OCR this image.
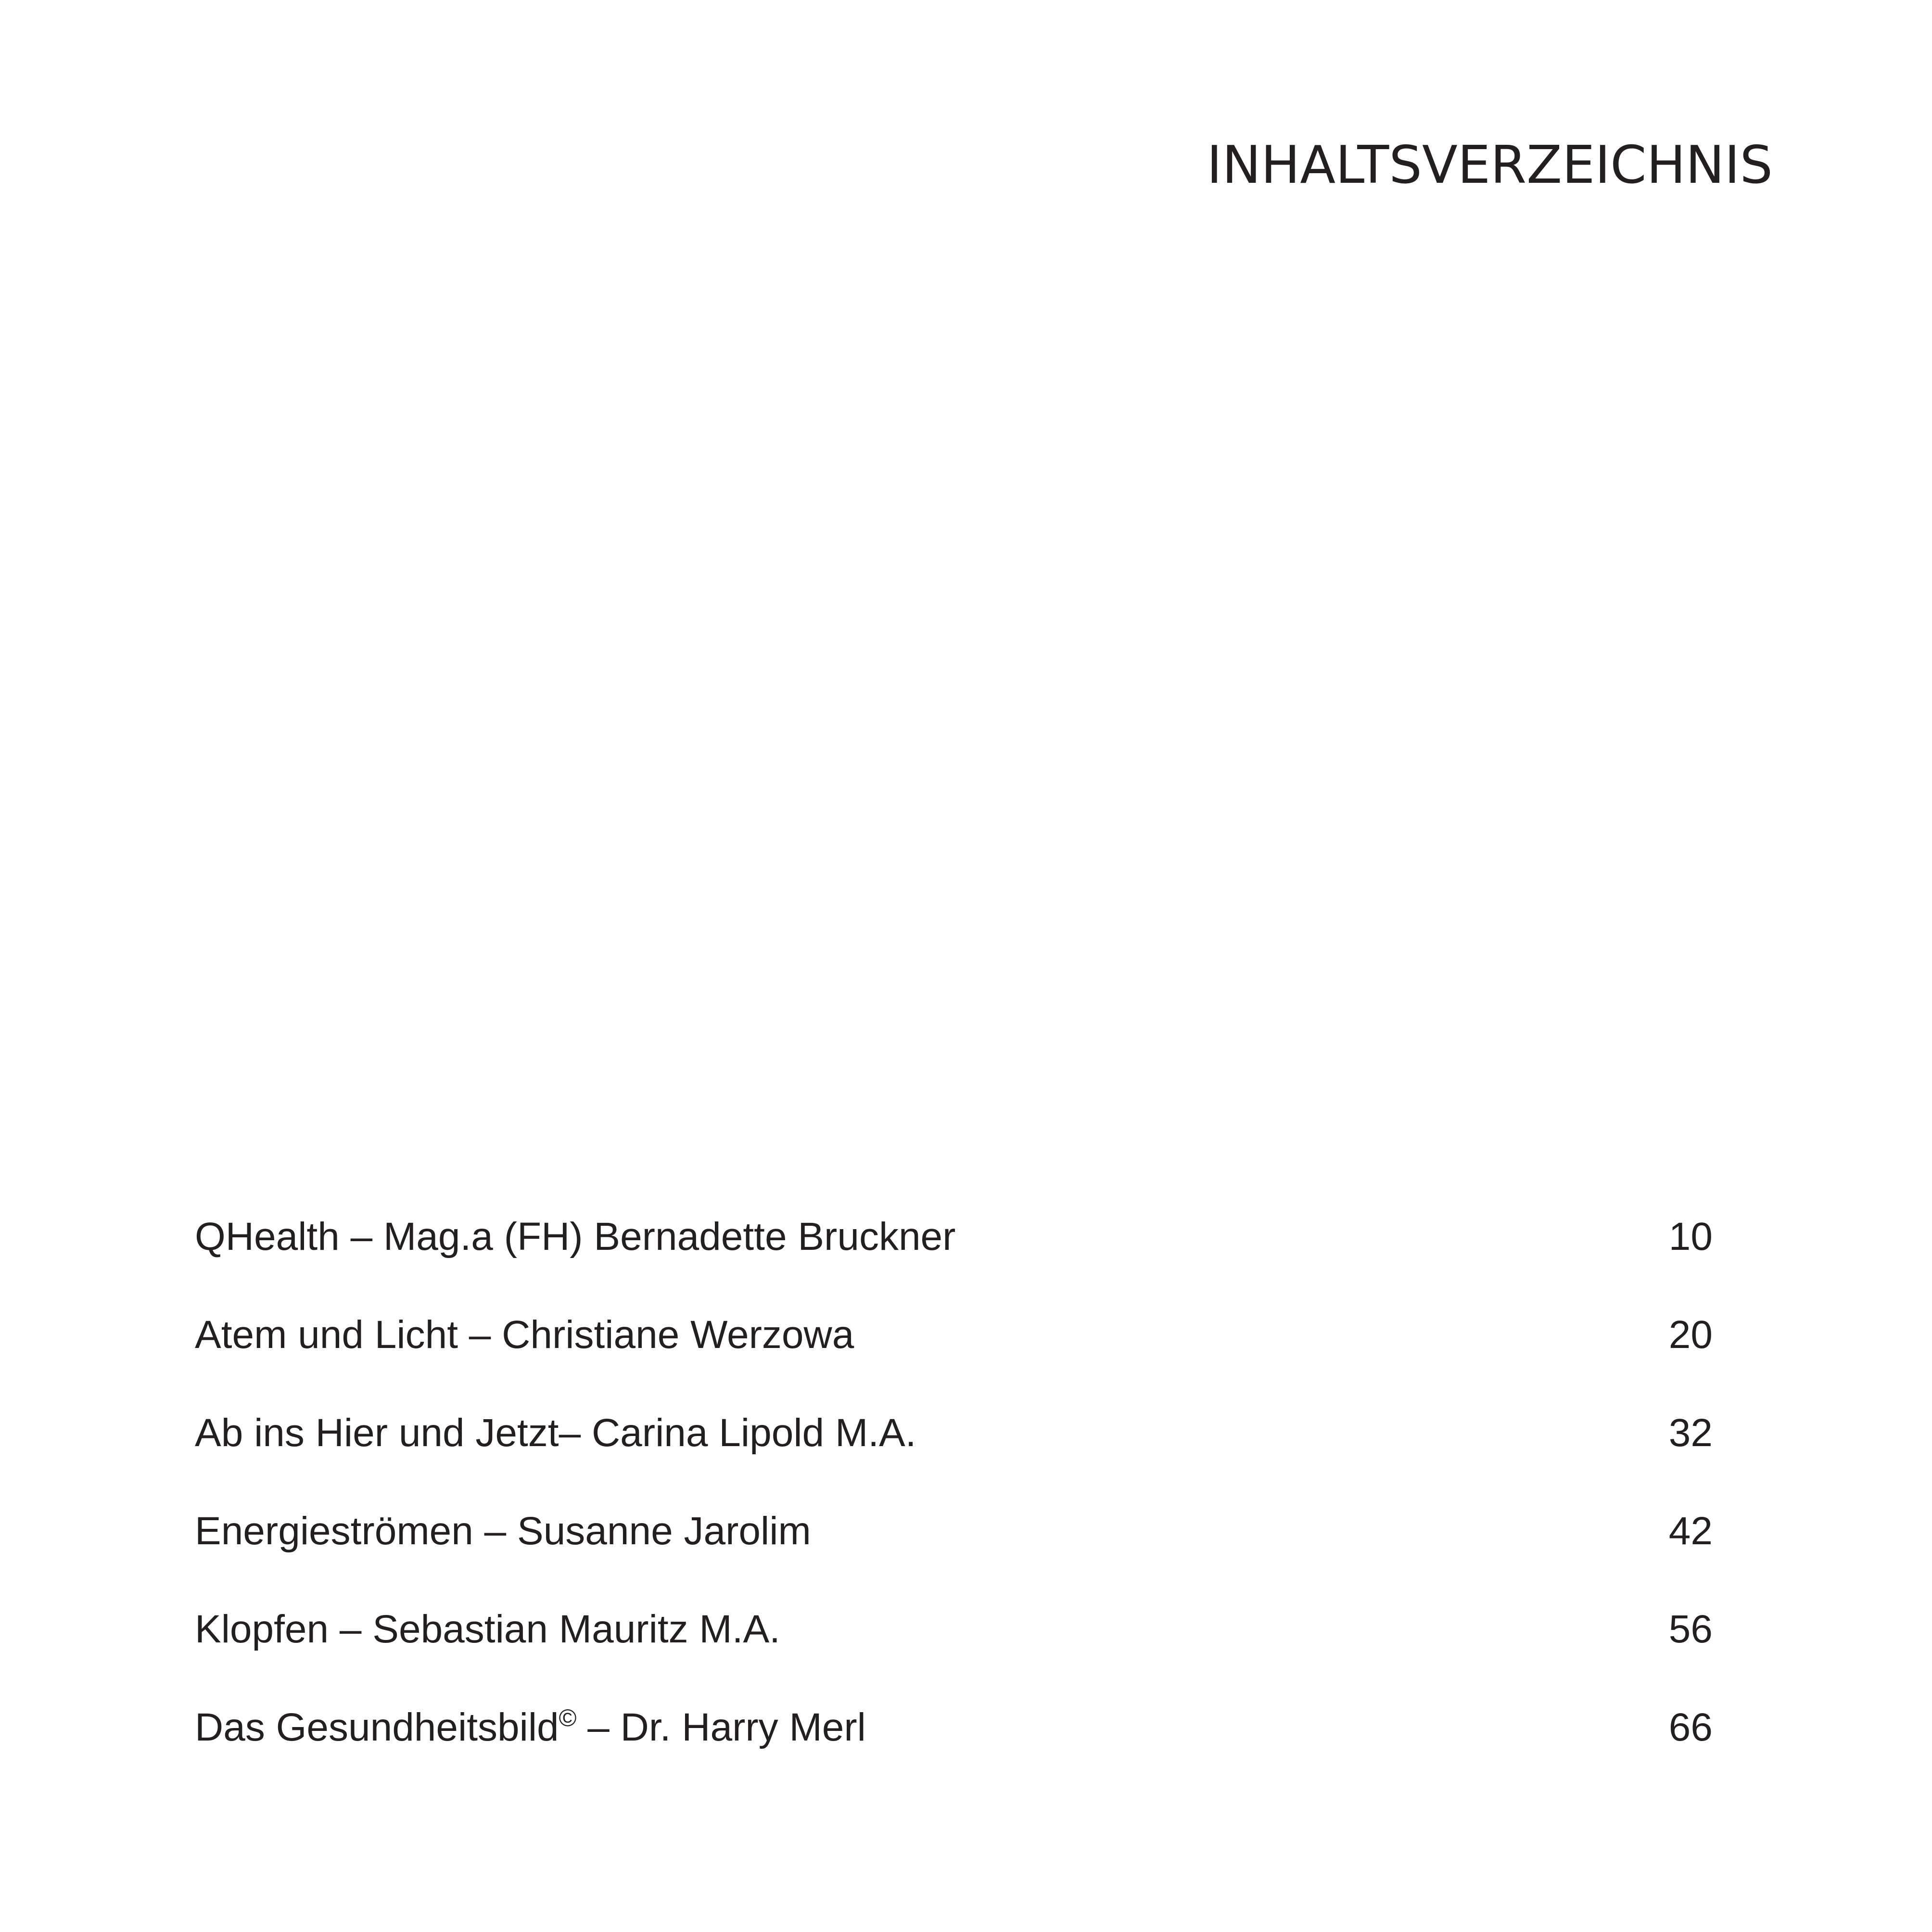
INHALTSVERZEICHNIS
QHealth – Mag.a (FH) Bernadette Bruckner	10
Atem und Licht – Christiane Werzowa	20
Ab ins Hier und Jetzt– Carina Lipold M.A.	32
Energieströmen – Susanne Jarolim	42
Klopfen – Sebastian Mauritz M.A.	56
Das Gesundheitsbild© – Dr. Harry Merl	66
